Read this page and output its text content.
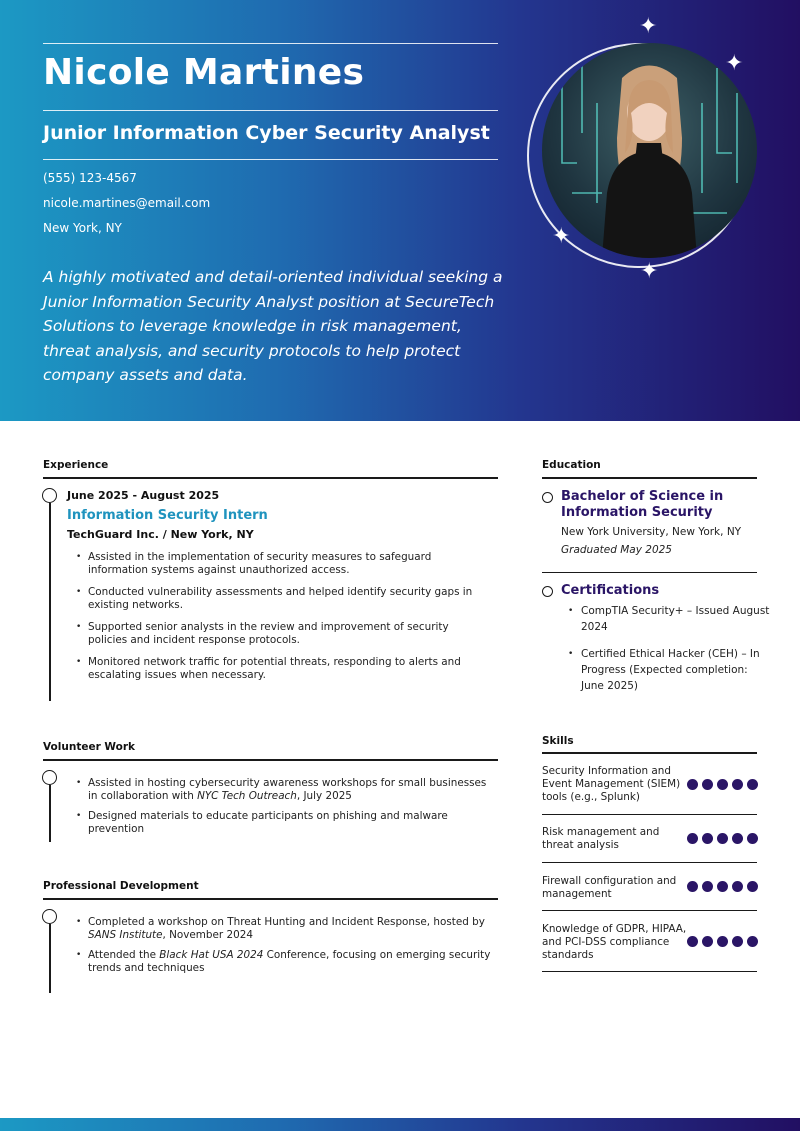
Nicole Martines
Junior Information Cyber Security Analyst
(555) 123-4567
nicole.martines@email.com
New York, NY
A highly motivated and detail-oriented individual seeking a Junior Information Security Analyst position at SecureTech Solutions to leverage knowledge in risk management, threat analysis, and security protocols to help protect company assets and data.
✦
✦
✦
✦
Experience
June 2025 - August 2025
Information Security Intern
TechGuard Inc. / New York, NY
• Assisted in the implementation of security measures to safeguard information systems against unauthorized access.
• Conducted vulnerability assessments and helped identify security gaps in existing networks.
• Supported senior analysts in the review and improvement of security policies and incident response protocols.
• Monitored network traffic for potential threats, responding to alerts and escalating issues when necessary.
Volunteer Work
• Assisted in hosting cybersecurity awareness workshops for small businesses in collaboration with NYC Tech Outreach, July 2025
• Designed materials to educate participants on phishing and malware prevention
Professional Development
• Completed a workshop on Threat Hunting and Incident Response, hosted by SANS Institute, November 2024
• Attended the Black Hat USA 2024 Conference, focusing on emerging security trends and techniques
Education
Bachelor of Science in Information Security
New York University, New York, NY
Graduated May 2025
Certifications
• CompTIA Security+ – Issued August 2024
• Certified Ethical Hacker (CEH) – In Progress (Expected completion: June 2025)
Skills
Security Information and Event Management (SIEM) tools (e.g., Splunk)
Risk management and threat analysis
Firewall configuration and management
Knowledge of GDPR, HIPAA, and PCI-DSS compliance standards
